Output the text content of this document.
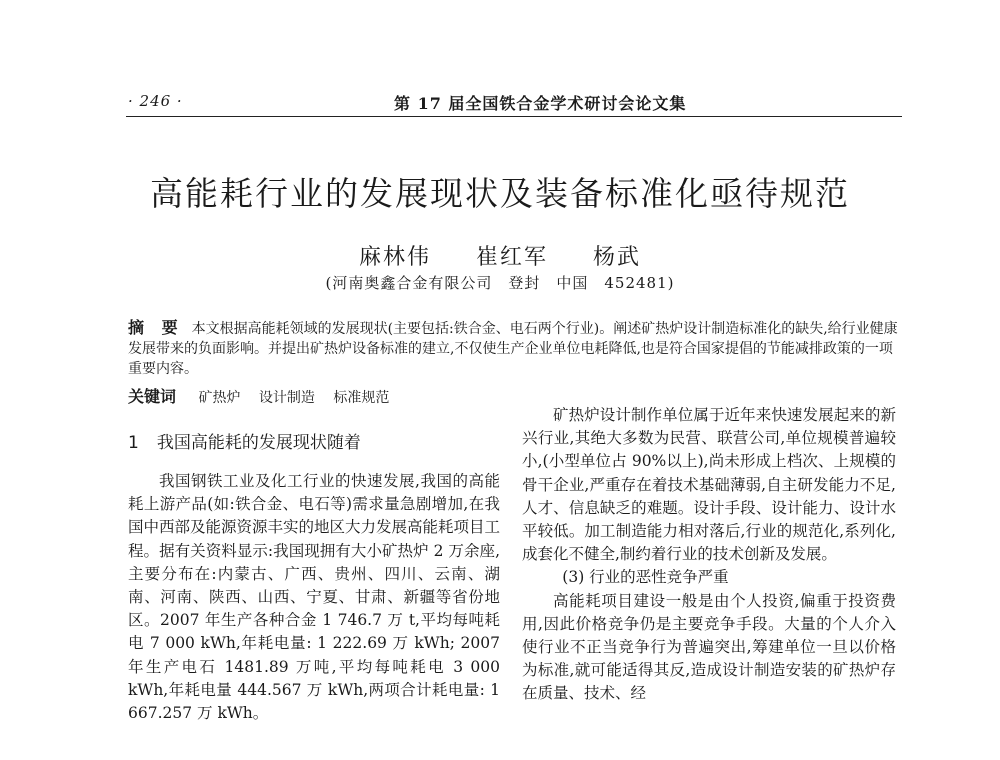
· 246 ·	第 17 届全国铁合金学术研讨会论文集
高能耗行业的发展现状及装备标准化亟待规范
麻林伟 崔红军 杨武
(河南奥鑫合金有限公司　登封　中国　452481)
摘 要 本文根据高能耗领域的发展现状(主要包括:铁合金、电石两个行业)。阐述矿热炉设计制造标准化的缺失,给行业健康发展带来的负面影响。并提出矿热炉设备标准的建立,不仅使生产企业单位电耗降低,也是符合国家提倡的节能减排政策的一项重要内容。
关键词 矿热炉 设计制造 标准规范
1 我国高能耗的发展现状随着

我国钢铁工业及化工行业的快速发展,我国的高能耗上游产品(如:铁合金、电石等)需求量急剧增加,在我国中西部及能源资源丰实的地区大力发展高能耗项目工程。据有关资料显示:我国现拥有大小矿热炉 2 万余座,主要分布在:内蒙古、广西、贵州、四川、云南、湖南、河南、陕西、山西、宁夏、甘肃、新疆等省份地区。2007 年生产各种合金 1 746.7 万 t,平均每吨耗电 7 000 kWh,年耗电量: 1 222.69 万 kWh; 2007 年生产电石 1481.89 万吨,平均每吨耗电 3 000 kWh,年耗电量 444.567 万 kWh,两项合计耗电量: 1 667.257 万 kWh。

矿热炉设计制作单位属于近年来快速发展起来的新兴行业,其绝大多数为民营、联营公司,单位规模普遍较小,(小型单位占 90%以上),尚未形成上档次、上规模的骨干企业,严重存在着技术基础薄弱,自主研发能力不足,人才、信息缺乏的难题。设计手段、设计能力、设计水平较低。加工制造能力相对落后,行业的规范化,系列化,成套化不健全,制约着行业的技术创新及发展。

(3) 行业的恶性竞争严重

高能耗项目建设一般是由个人投资,偏重于投资费用,因此价格竞争仍是主要竞争手段。大量的个人介入使行业不正当竞争行为普遍突出,筹建单位一旦以价格为标准,就可能适得其反,造成设计制造安装的矿热炉存在质量、技术、经
